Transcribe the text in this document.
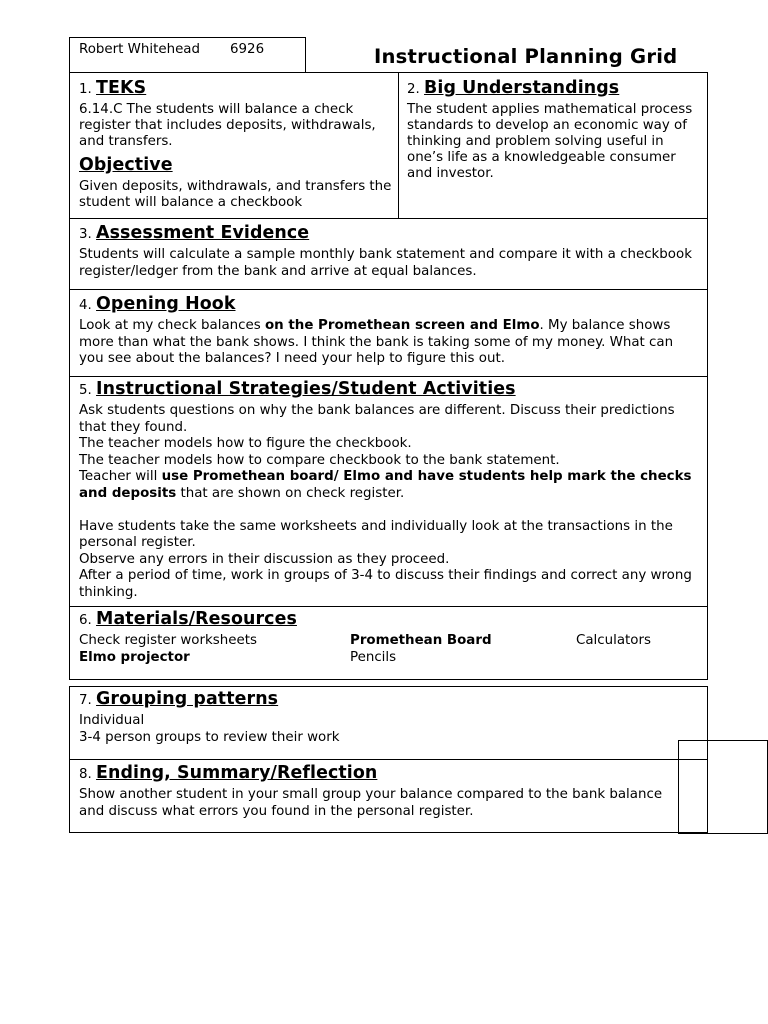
Robert Whitehead 6926	Instructional Planning Grid
1. TEKS

6.14.C The students will balance a check register that includes deposits, withdrawals, and transfers.

Objective

Given deposits, withdrawals, and transfers the student will balance a checkbook

2. Big Understandings

The student applies mathematical process standards to develop an economic way of thinking and problem solving useful in one’s life as a knowledgeable consumer and investor.

3. Assessment Evidence

Students will calculate a sample monthly bank statement and compare it with a checkbook register/ledger from the bank and arrive at equal balances.

4. Opening Hook

Look at my check balances on the Promethean screen and Elmo. My balance shows more than what the bank shows. I think the bank is taking some of my money. What can you see about the balances? I need your help to figure this out.

5. Instructional Strategies/Student Activities

Ask students questions on why the bank balances are different. Discuss their predictions that they found.

The teacher models how to figure the checkbook.

The teacher models how to compare checkbook to the bank statement.

Teacher will use Promethean board/ Elmo and have students help mark the checks and deposits that are shown on check register.

Have students take the same worksheets and individually look at the transactions in the personal register.

Observe any errors in their discussion as they proceed.

After a period of time, work in groups of 3-4 to discuss their findings and correct any wrong thinking.

6. Materials/Resources
Check register worksheets	Promethean Board	Calculators
Elmo projector	Pencils
7. Grouping patterns

Individual

3-4 person groups to review their work

8. Ending, Summary/Reflection

Show another student in your small group your balance compared to the bank balance and discuss what errors you found in the personal register.
